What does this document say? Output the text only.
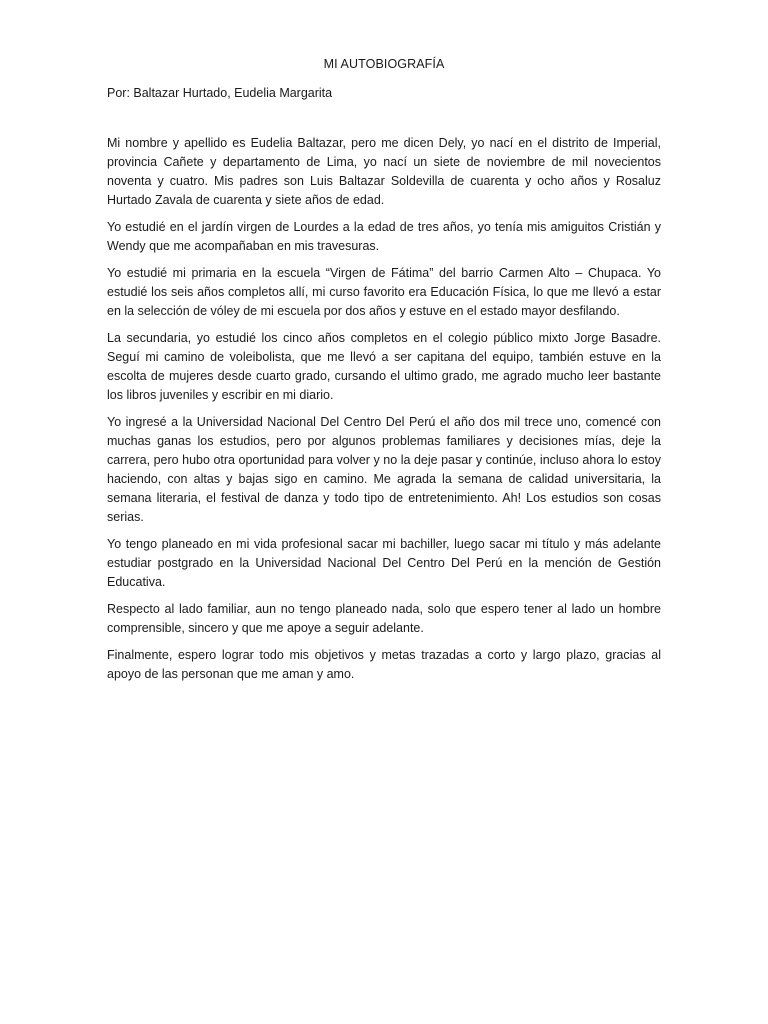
MI AUTOBIOGRAFÍA
Por: Baltazar Hurtado, Eudelia Margarita

Mi nombre y apellido es Eudelia Baltazar, pero me dicen Dely, yo nací en el distrito de Imperial, provincia Cañete y departamento de Lima, yo nací un siete de noviembre de mil novecientos noventa y cuatro. Mis padres son Luis Baltazar Soldevilla de cuarenta y ocho años y Rosaluz Hurtado Zavala de cuarenta y siete años de edad.

Yo estudié en el jardín virgen de Lourdes a la edad de tres años, yo tenía mis amiguitos Cristián y Wendy que me acompañaban en mis travesuras.

Yo estudié mi primaria en la escuela “Virgen de Fátima” del barrio Carmen Alto – Chupaca. Yo estudié los seis años completos allí, mi curso favorito era Educación Física, lo que me llevó a estar en la selección de vóley de mi escuela por dos años y estuve en el estado mayor desfilando.

La secundaria, yo estudié los cinco años completos en el colegio público mixto Jorge Basadre. Seguí mi camino de voleibolista, que me llevó a ser capitana del equipo, también estuve en la escolta de mujeres desde cuarto grado, cursando el ultimo grado, me agrado mucho leer bastante los libros juveniles y escribir en mi diario.

Yo ingresé a la Universidad Nacional Del Centro Del Perú el año dos mil trece uno, comencé con muchas ganas los estudios, pero por algunos problemas familiares y decisiones mías, deje la carrera, pero hubo otra oportunidad para volver y no la deje pasar y continúe, incluso ahora lo estoy haciendo, con altas y bajas sigo en camino. Me agrada la semana de calidad universitaria, la semana literaria, el festival de danza y todo tipo de entretenimiento. Ah! Los estudios son cosas serias.

Yo tengo planeado en mi vida profesional sacar mi bachiller, luego sacar mi título y más adelante estudiar postgrado en la Universidad Nacional Del Centro Del Perú en la mención de Gestión Educativa.

Respecto al lado familiar, aun no tengo planeado nada, solo que espero tener al lado un hombre comprensible, sincero y que me apoye a seguir adelante.

Finalmente, espero lograr todo mis objetivos y metas trazadas a corto y largo plazo, gracias al apoyo de las personan que me aman y amo.
